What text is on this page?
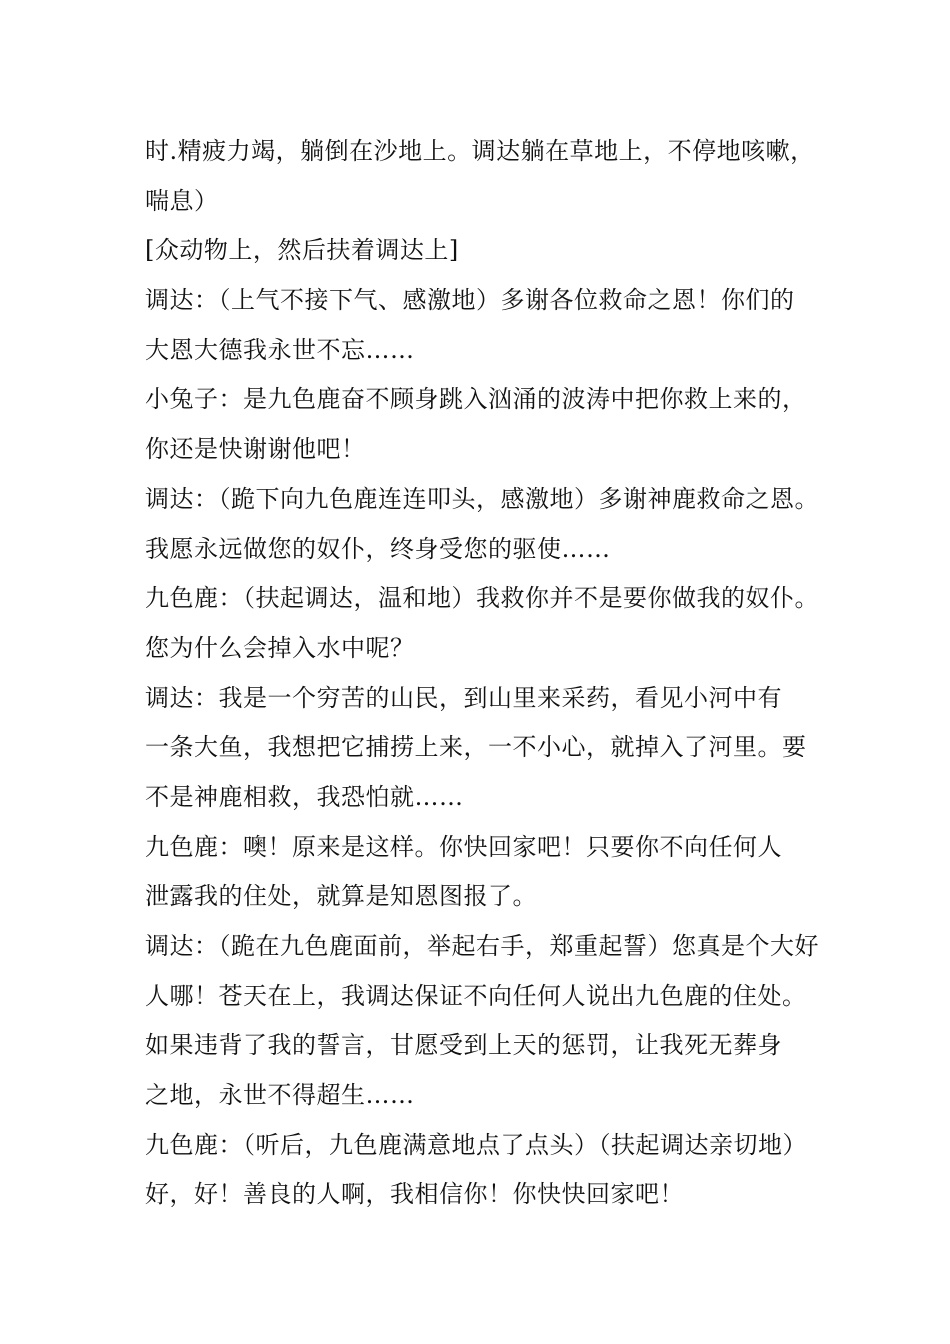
时.精疲力竭，躺倒在沙地上。调达躺在草地上，不停地咳嗽，
喘息）
[众动物上，然后扶着调达上]
调达：（上气不接下气、感激地）多谢各位救命之恩！你们的
大恩大德我永世不忘……
小兔子：是九色鹿奋不顾身跳入汹涌的波涛中把你救上来的，
你还是快谢谢他吧！
调达：（跪下向九色鹿连连叩头，感激地）多谢神鹿救命之恩。
我愿永远做您的奴仆，终身受您的驱使……
九色鹿：（扶起调达，温和地）我救你并不是要你做我的奴仆。
您为什么会掉入水中呢？
调达：我是一个穷苦的山民，到山里来采药，看见小河中有
一条大鱼，我想把它捕捞上来，一不小心，就掉入了河里。要
不是神鹿相救，我恐怕就……
九色鹿：噢！原来是这样。你快回家吧！只要你不向任何人
泄露我的住处，就算是知恩图报了。
调达：（跪在九色鹿面前，举起右手，郑重起誓）您真是个大好
人哪！苍天在上，我调达保证不向任何人说出九色鹿的住处。
如果违背了我的誓言，甘愿受到上天的惩罚，让我死无葬身
之地，永世不得超生……
九色鹿：（听后，九色鹿满意地点了点头）（扶起调达亲切地）
好，好！善良的人啊，我相信你！你快快回家吧！
